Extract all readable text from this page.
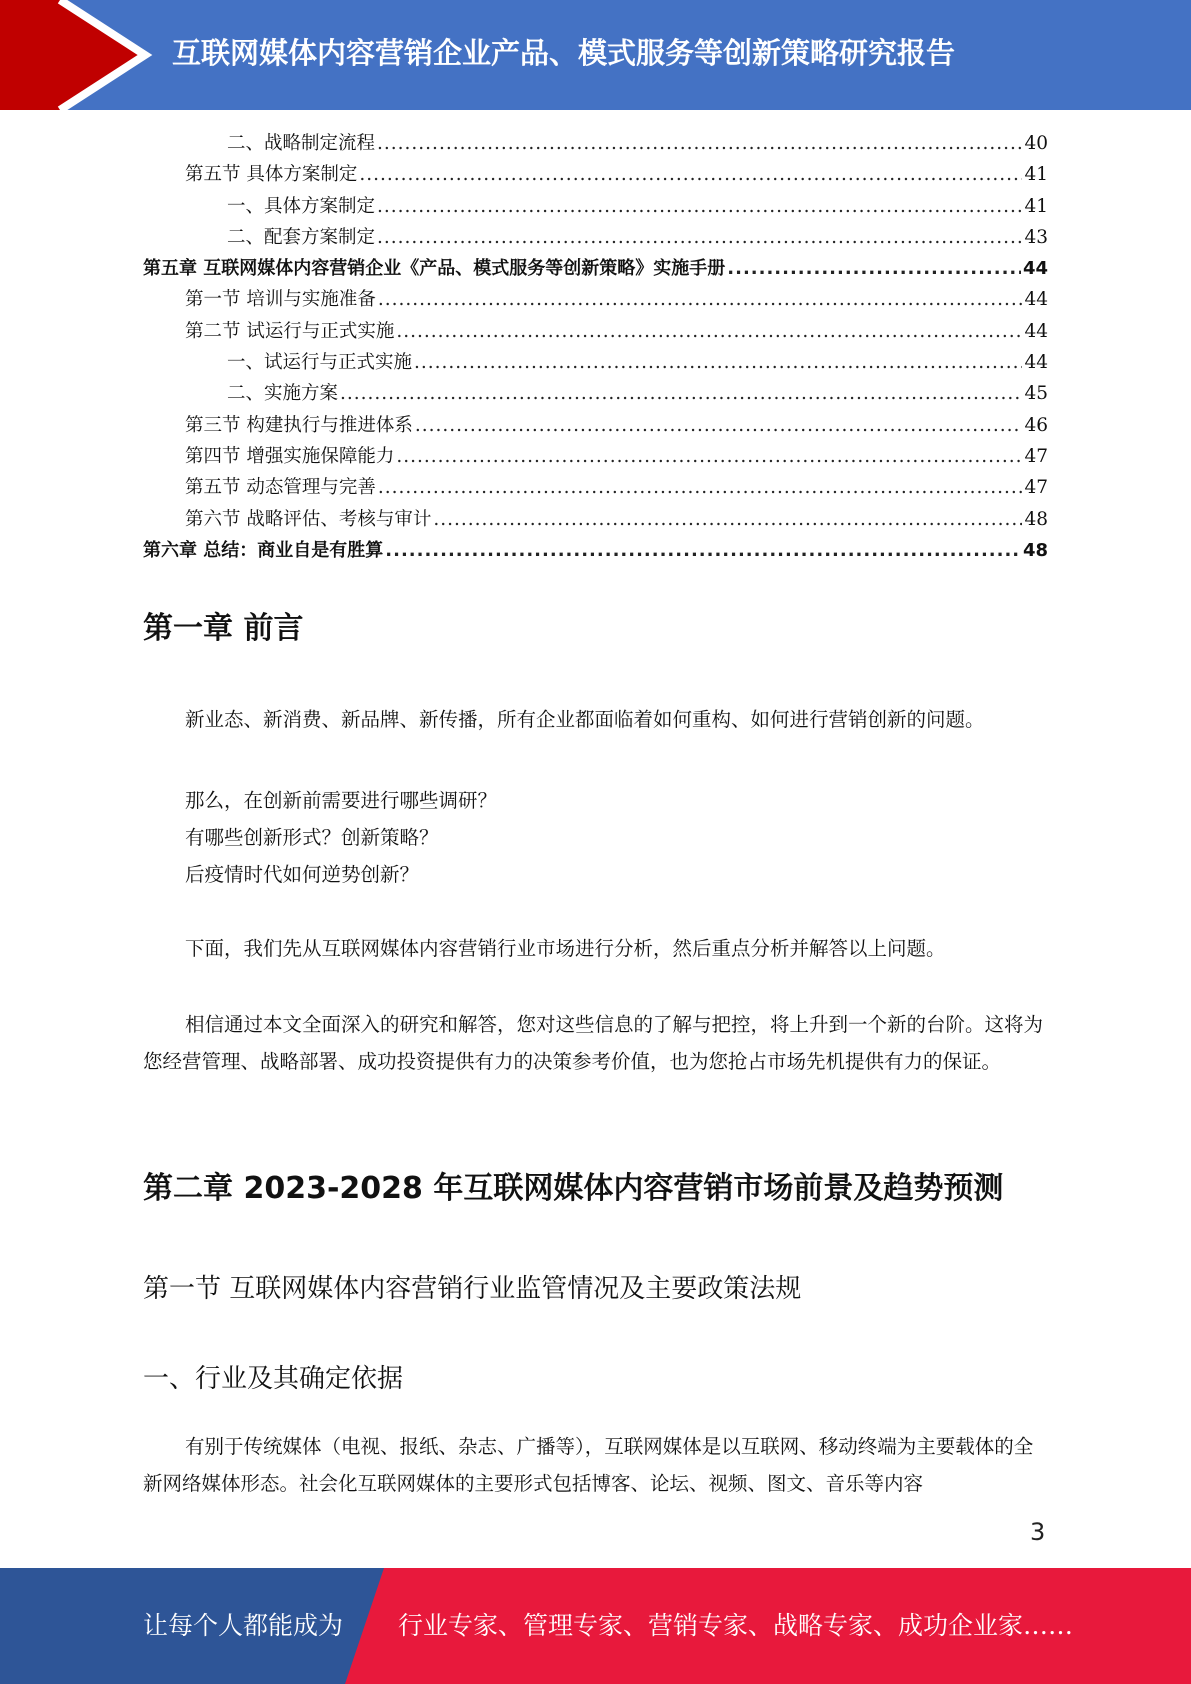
互联网媒体内容营销企业产品、模式服务等创新策略研究报告
二、战略制定流程 .....	40
第五节 具体方案制定 .....	41
一、具体方案制定 .....	41
二、配套方案制定 .....	43
第五章 互联网媒体内容营销企业《产品、模式服务等创新策略》实施手册 .....	44
第一节 培训与实施准备 .....	44
第二节 试运行与正式实施 .....	44
一、试运行与正式实施 .....	44
二、实施方案 .....	45
第三节 构建执行与推进体系 .....	46
第四节 增强实施保障能力 .....	47
第五节 动态管理与完善 .....	47
第六节 战略评估、考核与审计 .....	48
第六章 总结：商业自是有胜算 .....	48
第一章 前言
新业态、新消费、新品牌、新传播，所有企业都面临着如何重构、如何进行营销创新的问题。
那么，在创新前需要进行哪些调研？
有哪些创新形式？创新策略？
后疫情时代如何逆势创新？
下面，我们先从互联网媒体内容营销行业市场进行分析，然后重点分析并解答以上问题。
相信通过本文全面深入的研究和解答，您对这些信息的了解与把控，将上升到一个新的台阶。这将为您经营管理、战略部署、成功投资提供有力的决策参考价值，也为您抢占市场先机提供有力的保证。
第二章 2023-2028 年互联网媒体内容营销市场前景及趋势预测
第一节 互联网媒体内容营销行业监管情况及主要政策法规
一、行业及其确定依据
有别于传统媒体（电视、报纸、杂志、广播等），互联网媒体是以互联网、移动终端为主要载体的全新网络媒体形态。社会化互联网媒体的主要形式包括博客、论坛、视频、图文、音乐等内容
3
让每个人都能成为 行业专家、管理专家、营销专家、战略专家、成功企业家……
